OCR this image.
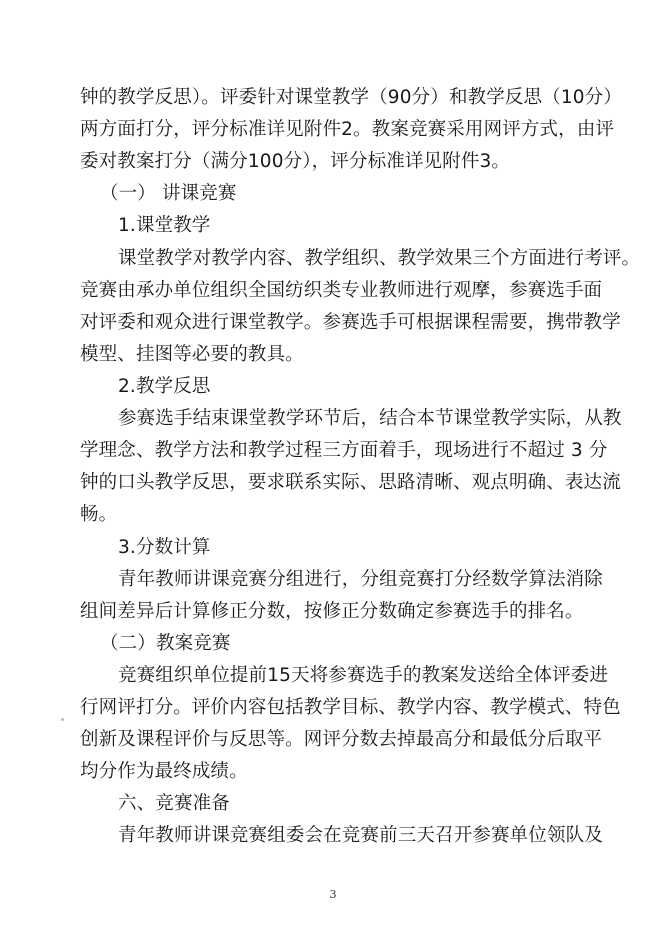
钟的教学反思）。评委针对课堂教学（90分）和教学反思（10分）
两方面打分，评分标准详见附件2。教案竞赛采用网评方式，由评
委对教案打分（满分100分），评分标准详见附件3。
（一） 讲课竞赛
1.课堂教学
课堂教学对教学内容、教学组织、教学效果三个方面进行考评。
竞赛由承办单位组织全国纺织类专业教师进行观摩，参赛选手面
对评委和观众进行课堂教学。参赛选手可根据课程需要，携带教学
模型、挂图等必要的教具。
2.教学反思
参赛选手结束课堂教学环节后，结合本节课堂教学实际，从教
学理念、教学方法和教学过程三方面着手，现场进行不超过 3 分
钟的口头教学反思，要求联系实际、思路清晰、观点明确、表达流
畅。
3.分数计算
青年教师讲课竞赛分组进行，分组竞赛打分经数学算法消除
组间差异后计算修正分数，按修正分数确定参赛选手的排名。
（二）教案竞赛
竞赛组织单位提前15天将参赛选手的教案发送给全体评委进
行网评打分。评价内容包括教学目标、教学内容、教学模式、特色
创新及课程评价与反思等。网评分数去掉最高分和最低分后取平
均分作为最终成绩。
六、竞赛准备
青年教师讲课竞赛组委会在竞赛前三天召开参赛单位领队及
3
